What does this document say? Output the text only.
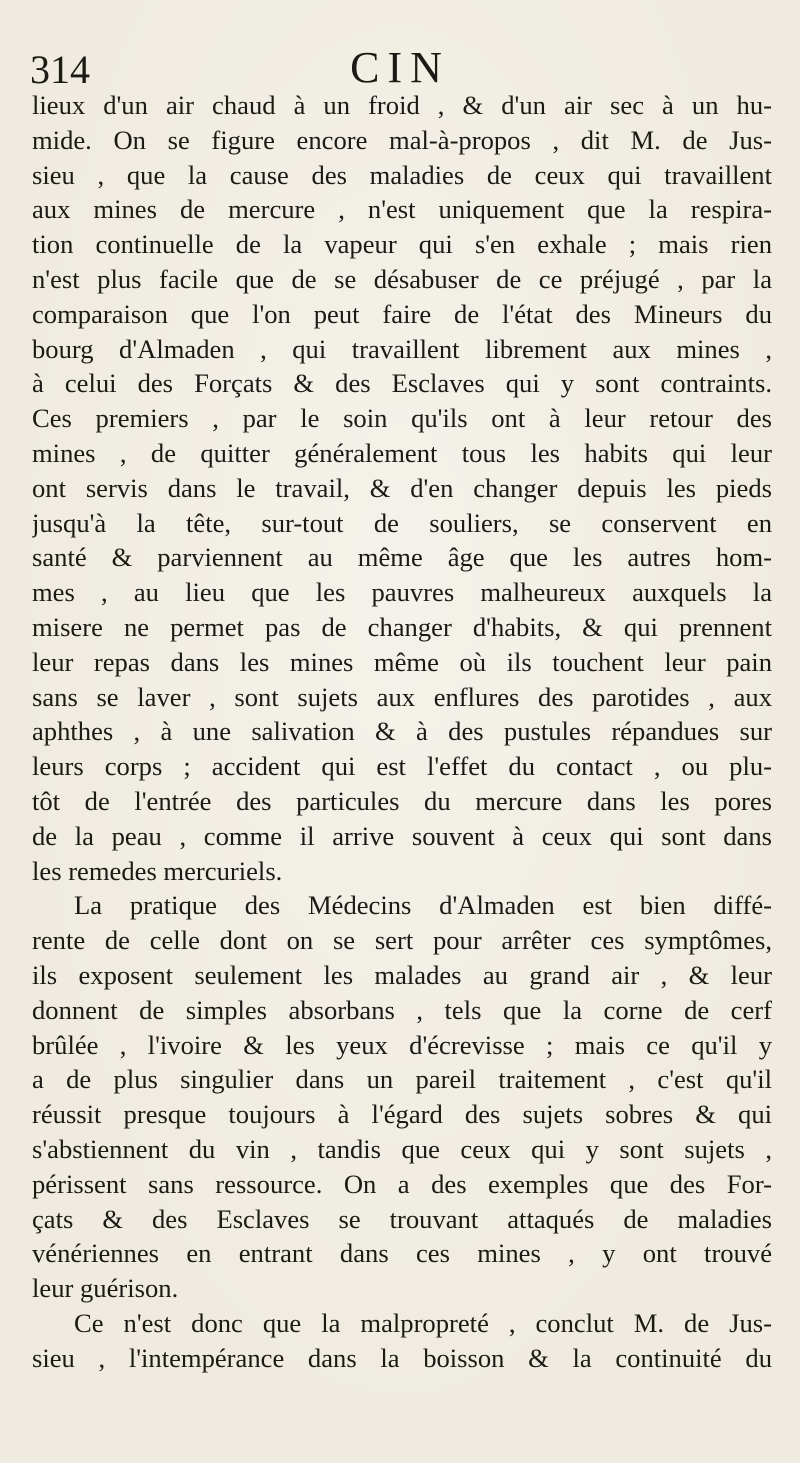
314	CIN
lieux d'un air chaud à un froid , & d'un air sec à un hu-
mide. On se figure encore mal-à-propos , dit M. de Jus-
sieu , que la cause des maladies de ceux qui travaillent
aux mines de mercure , n'est uniquement que la respira-
tion continuelle de la vapeur qui s'en exhale ; mais rien
n'est plus facile que de se désabuser de ce préjugé , par la
comparaison que l'on peut faire de l'état des Mineurs du
bourg d'Almaden , qui travaillent librement aux mines ,
à celui des Forçats & des Esclaves qui y sont contraints.
Ces premiers , par le soin qu'ils ont à leur retour des
mines , de quitter généralement tous les habits qui leur
ont servis dans le travail, & d'en changer depuis les pieds
jusqu'à la tête, sur-tout de souliers, se conservent en
santé & parviennent au même âge que les autres hom-
mes , au lieu que les pauvres malheureux auxquels la
misere ne permet pas de changer d'habits, & qui prennent
leur repas dans les mines même où ils touchent leur pain
sans se laver , sont sujets aux enflures des parotides , aux
aphthes , à une salivation & à des pustules répandues sur
leurs corps ; accident qui est l'effet du contact , ou plu-
tôt de l'entrée des particules du mercure dans les pores
de la peau , comme il arrive souvent à ceux qui sont dans
les remedes mercuriels.
La pratique des Médecins d'Almaden est bien diffé-
rente de celle dont on se sert pour arrêter ces symptômes,
ils exposent seulement les malades au grand air , & leur
donnent de simples absorbans , tels que la corne de cerf
brûlée , l'ivoire & les yeux d'écrevisse ; mais ce qu'il y
a de plus singulier dans un pareil traitement , c'est qu'il
réussit presque toujours à l'égard des sujets sobres & qui
s'abstiennent du vin , tandis que ceux qui y sont sujets ,
périssent sans ressource. On a des exemples que des For-
çats & des Esclaves se trouvant attaqués de maladies
vénériennes en entrant dans ces mines , y ont trouvé
leur guérison.
Ce n'est donc que la malpropreté , conclut M. de Jus-
sieu , l'intempérance dans la boisson & la continuité du
